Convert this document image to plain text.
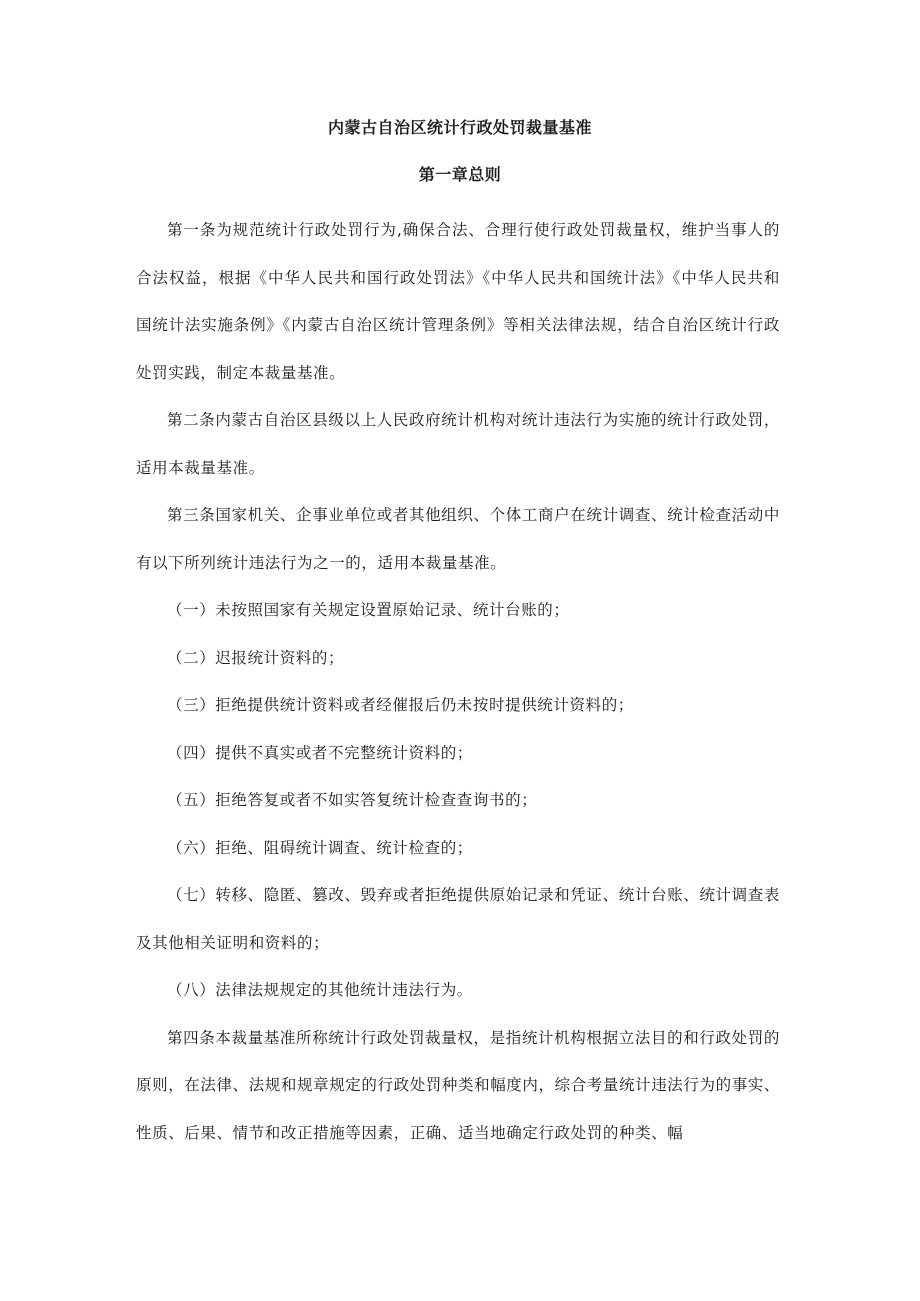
内蒙古自治区统计行政处罚裁量基准
第一章总则

第一条为规范统计行政处罚行为,确保合法、合理行使行政处罚裁量权，维护当事人的合法权益，根据《中华人民共和国行政处罚法》《中华人民共和国统计法》《中华人民共和国统计法实施条例》《内蒙古自治区统计管理条例》等相关法律法规，结合自治区统计行政处罚实践，制定本裁量基准。

第二条内蒙古自治区县级以上人民政府统计机构对统计违法行为实施的统计行政处罚，适用本裁量基准。

第三条国家机关、企事业单位或者其他组织、个体工商户在统计调查、统计检查活动中有以下所列统计违法行为之一的，适用本裁量基准。

（一）未按照国家有关规定设置原始记录、统计台账的；

（二）迟报统计资料的；

（三）拒绝提供统计资料或者经催报后仍未按时提供统计资料的；

（四）提供不真实或者不完整统计资料的；

（五）拒绝答复或者不如实答复统计检查查询书的；

（六）拒绝、阻碍统计调查、统计检查的；

（七）转移、隐匿、篡改、毁弃或者拒绝提供原始记录和凭证、统计台账、统计调查表及其他相关证明和资料的；

（八）法律法规规定的其他统计违法行为。

第四条本裁量基准所称统计行政处罚裁量权，是指统计机构根据立法目的和行政处罚的原则，在法律、法规和规章规定的行政处罚种类和幅度内，综合考量统计违法行为的事实、性质、后果、情节和改正措施等因素，正确、适当地确定行政处罚的种类、幅
